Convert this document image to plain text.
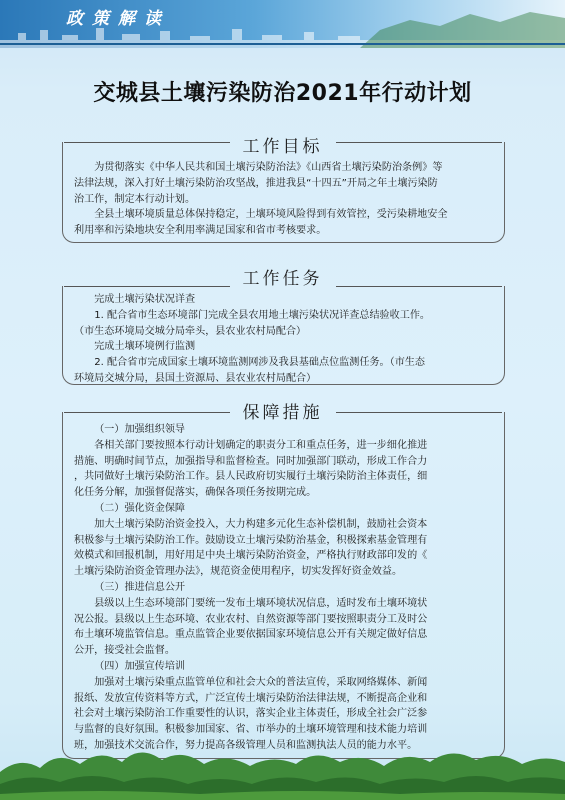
政策解读
交城县土壤污染防治2021年行动计划
工作目标

为贯彻落实《中华人民共和国土壤污染防治法》《山西省土壤污染防治条例》等

法律法规，深入打好土壤污染防治攻坚战，推进我县“十四五”开局之年土壤污染防

治工作，制定本行动计划。

全县土壤环境质量总体保持稳定，土壤环境风险得到有效管控，受污染耕地安全

利用率和污染地块安全利用率满足国家和省市考核要求。

工作任务

完成土壤污染状况详查

1. 配合省市生态环境部门完成全县农用地土壤污染状况详查总结验收工作。

（市生态环境局交城分局牵头，县农业农村局配合）

完成土壤环境例行监测

2. 配合省市完成国家土壤环境监测网涉及我县基础点位监测任务。（市生态

环境局交城分局，县国土资源局、县农业农村局配合）

保障措施

（一）加强组织领导

各相关部门要按照本行动计划确定的职责分工和重点任务，进一步细化推进

措施、明确时间节点，加强指导和监督检查。同时加强部门联动，形成工作合力

，共同做好土壤污染防治工作。县人民政府切实履行土壤污染防治主体责任，细

化任务分解，加强督促落实，确保各项任务按期完成。

（二）强化资金保障

加大土壤污染防治资金投入，大力构建多元化生态补偿机制，鼓励社会资本

积极参与土壤污染防治工作。鼓励设立土壤污染防治基金，积极探索基金管理有

效模式和回报机制，用好用足中央土壤污染防治资金，严格执行财政部印发的《

土壤污染防治资金管理办法》，规范资金使用程序，切实发挥好资金效益。

（三）推进信息公开

县级以上生态环境部门要统一发布土壤环境状况信息，适时发布土壤环境状

况公报。县级以上生态环境、农业农村、自然资源等部门要按照职责分工及时公

布土壤环境监管信息。重点监管企业要依据国家环境信息公开有关规定做好信息

公开，接受社会监督。

（四）加强宣传培训

加强对土壤污染重点监管单位和社会大众的普法宣传，采取网络媒体、新闻

报纸、发放宣传资料等方式，广泛宣传土壤污染防治法律法规，不断提高企业和

社会对土壤污染防治工作重要性的认识，落实企业主体责任，形成全社会广泛参

与监督的良好氛围。积极参加国家、省、市举办的土壤环境管理和技术能力培训

班，加强技术交流合作，努力提高各级管理人员和监测执法人员的能力水平。
